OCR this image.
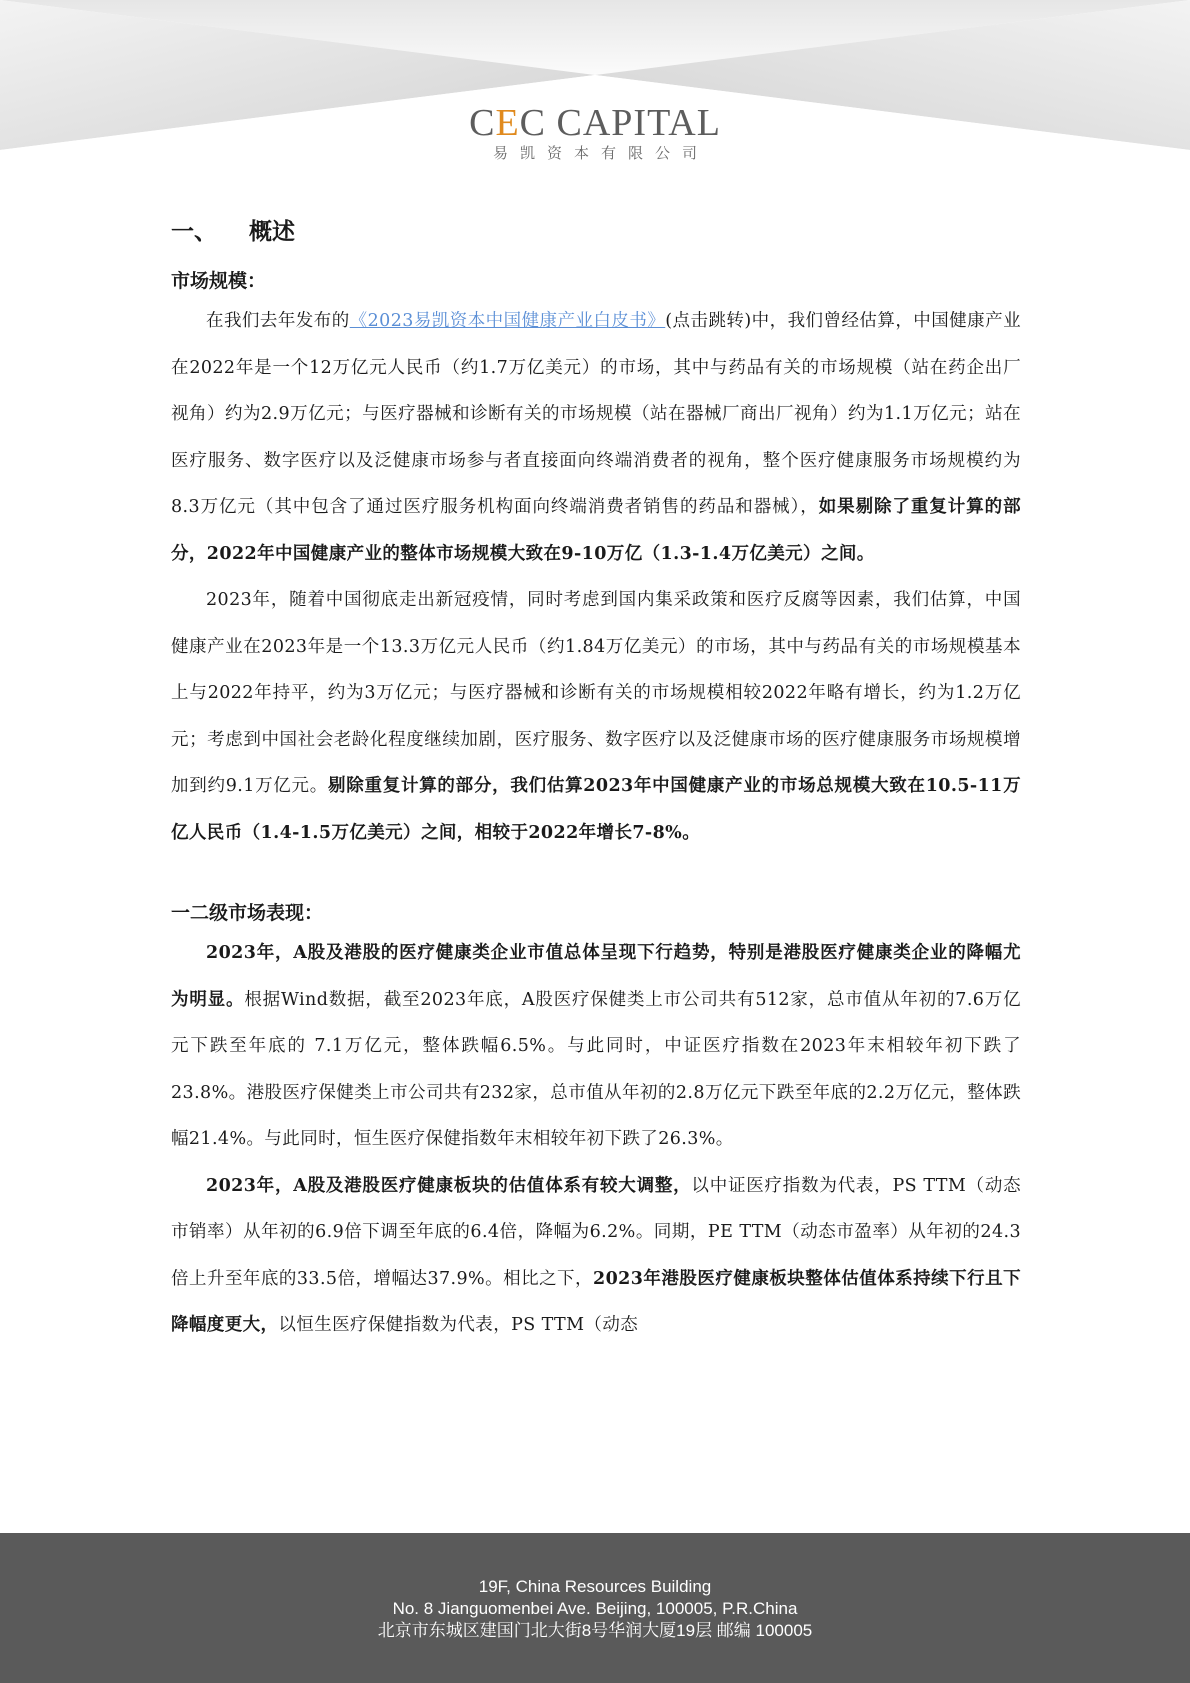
CEC CAPITAL
易凯资本有限公司
一、 概述
市场规模：

在我们去年发布的《2023易凯资本中国健康产业白皮书》(点击跳转)中，我们曾经估算，中国健康产业在2022年是一个12万亿元人民币（约1.7万亿美元）的市场，其中与药品有关的市场规模（站在药企出厂视角）约为2.9万亿元；与医疗器械和诊断有关的市场规模（站在器械厂商出厂视角）约为1.1万亿元；站在医疗服务、数字医疗以及泛健康市场参与者直接面向终端消费者的视角，整个医疗健康服务市场规模约为8.3万亿元（其中包含了通过医疗服务机构面向终端消费者销售的药品和器械），如果剔除了重复计算的部分，2022年中国健康产业的整体市场规模大致在9-10万亿（1.3-1.4万亿美元）之间。

2023年，随着中国彻底走出新冠疫情，同时考虑到国内集采政策和医疗反腐等因素，我们估算，中国健康产业在2023年是一个13.3万亿元人民币（约1.84万亿美元）的市场，其中与药品有关的市场规模基本上与2022年持平，约为3万亿元；与医疗器械和诊断有关的市场规模相较2022年略有增长，约为1.2万亿元；考虑到中国社会老龄化程度继续加剧，医疗服务、数字医疗以及泛健康市场的医疗健康服务市场规模增加到约9.1万亿元。剔除重复计算的部分，我们估算2023年中国健康产业的市场总规模大致在10.5-11万亿人民币（1.4-1.5万亿美元）之间，相较于2022年增长7-8%。

一二级市场表现：

2023年，A股及港股的医疗健康类企业市值总体呈现下行趋势，特别是港股医疗健康类企业的降幅尤为明显。根据Wind数据，截至2023年底，A股医疗保健类上市公司共有512家，总市值从年初的7.6万亿元下跌至年底的 7.1万亿元，整体跌幅6.5%。与此同时，中证医疗指数在2023年末相较年初下跌了23.8%。港股医疗保健类上市公司共有232家，总市值从年初的2.8万亿元下跌至年底的2.2万亿元，整体跌幅21.4%。与此同时，恒生医疗保健指数年末相较年初下跌了26.3%。

2023年，A股及港股医疗健康板块的估值体系有较大调整，以中证医疗指数为代表，PS TTM（动态市销率）从年初的6.9倍下调至年底的6.4倍，降幅为6.2%。同期，PE TTM（动态市盈率）从年初的24.3倍上升至年底的33.5倍，增幅达37.9%。相比之下，2023年港股医疗健康板块整体估值体系持续下行且下降幅度更大，以恒生医疗保健指数为代表，PS TTM（动态

19F, China Resources Building
No. 8 Jianguomenbei Ave. Beijing, 100005, P.R.China
北京市东城区建国门北大街8号华润大厦19层 邮编 100005
